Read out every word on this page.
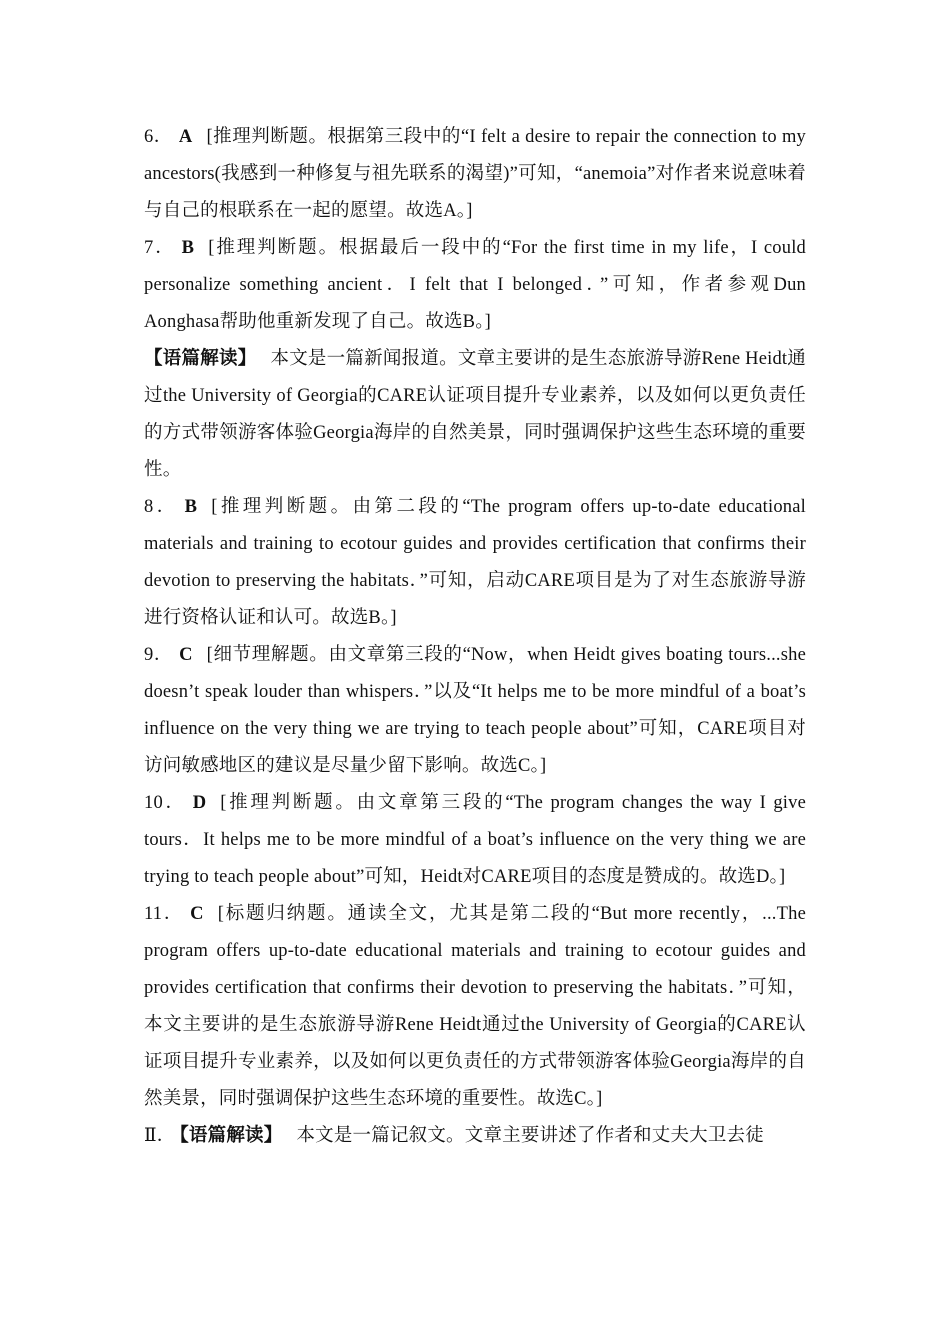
6． A [推理判断题。根据第三段中的“I felt a desire to repair the connection to my ancestors(我感到一种修复与祖先联系的渴望)”可知，“anemoia”对作者来说意味着与自己的根联系在一起的愿望。故选A。]

7． B [推理判断题。根据最后一段中的“For the first time in my life，I could personalize something ancient．I felt that I belonged．”可知，作者参观Dun Aonghasa帮助他重新发现了自己。故选B。]

【语篇解读】 本文是一篇新闻报道。文章主要讲的是生态旅游导游Rene Heidt通过the University of Georgia的CARE认证项目提升专业素养，以及如何以更负责任的方式带领游客体验Georgia海岸的自然美景，同时强调保护这些生态环境的重要性。

8． B [推理判断题。由第二段的“The program offers up-to-date educational materials and training to ecotour guides and provides certification that confirms their devotion to preserving the habitats．”可知，启动CARE项目是为了对生态旅游导游进行资格认证和认可。故选B。]

9． C [细节理解题。由文章第三段的“Now，when Heidt gives boating tours...she doesn’t speak louder than whispers．”以及“It helps me to be more mindful of a boat’s influence on the very thing we are trying to teach people about”可知，CARE项目对访问敏感地区的建议是尽量少留下影响。故选C。]

10． D [推理判断题。由文章第三段的“The program changes the way I give tours．It helps me to be more mindful of a boat’s influence on the very thing we are trying to teach people about”可知，Heidt对CARE项目的态度是赞成的。故选D。]

11． C [标题归纳题。通读全文，尤其是第二段的“But more recently，...The program offers up-to-date educational materials and training to ecotour guides and provides certification that confirms their devotion to preserving the habitats．”可知，本文主要讲的是生态旅游导游Rene Heidt通过the University of Georgia的CARE认证项目提升专业素养，以及如何以更负责任的方式带领游客体验Georgia海岸的自然美景，同时强调保护这些生态环境的重要性。故选C。]

Ⅱ． 【语篇解读】 本文是一篇记叙文。文章主要讲述了作者和丈夫大卫去徒
